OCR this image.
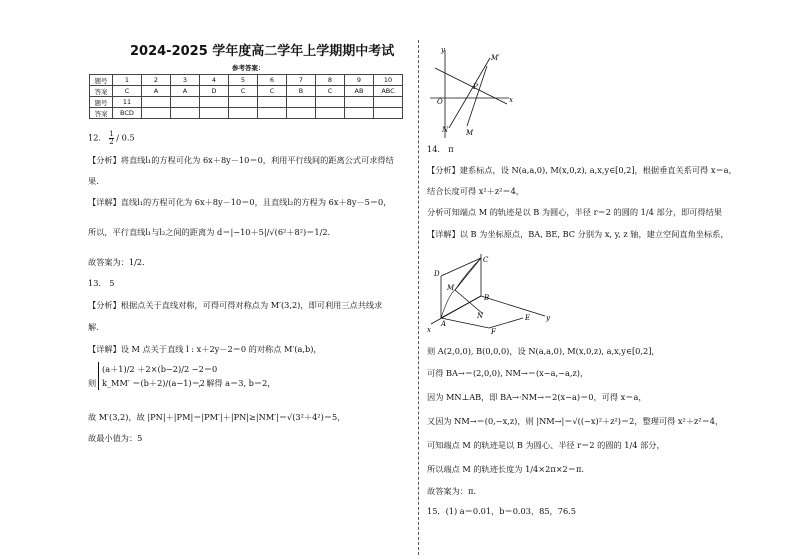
2024-2025 学年度高二学年上学期期中考试
参考答案：
题号	1	2	3	4	5	6	7	8	9	10
答案	C	A	A	D	C	C	B	C	AB	ABC
题号	11									
答案	BCD									
12． $\frac{1}{2} / 0.5$
【分析】将直线l₁的方程可化为 6x＋8y－10＝0，利用平行线间的距离公式可求得结
果.
【详解】直线l₁的方程可化为 6x＋8y－10＝0，且直线l₂的方程为 6x＋8y－5＝0，
所以，平行直线l₁与l₂之间的距离为 d＝|−10＋5|/√(6²＋8²)＝1/2．
故答案为：1/2．
13． 5
【分析】根据点关于直线对称，可得可得对称点为 M′(3,2)，即可利用三点共线求
解.
【详解】设 M 点关于直线 l : x＋2y－2＝0 的对称点 M′(a,b)，
则
(a＋1)/2 ＋2×(b−2)/2 −2＝0
k_MM′ ＝(b＋2)/(a−1)＝2
，解得 a＝3, b＝2，
故 M′(3,2)，故 |PN|＋|PM|＝|PM′|＋|PN|≥|NM′|＝√(3²＋4²)＝5，
故最小值为：5
y
x
O
M′
P
N	M
14． π
【分析】建系标点，设 N(a,a,0), M(x,0,z), a,x,y∈[0,2]，根据垂直关系可得 x＝a，
结合长度可得 x²＋z²＝4，
分析可知端点 M 的轨迹是以 B 为圆心，半径 r＝2 的圆的 1/4 部分，即可得结果
【详解】以 B 为坐标原点，BA, BE, BC 分别为 x, y, z 轴，建立空间直角坐标系，
C
D
M
B
N	E
A
F
x
y
则 A(2,0,0), B(0,0,0)，设 N(a,a,0), M(x,0,z), a,x,y∈[0,2]，
可得 BA→＝(2,0,0), NM→＝(x−a,−a,z)，
因为 MN⊥AB，即 BA→·NM→＝2(x−a)＝0，可得 x＝a，
又因为 NM→＝(0,−x,z)，则 |NM→|＝√((−x)²＋z²)＝2，整理可得 x²＋z²＝4，
可知端点 M 的轨迹是以 B 为圆心、半径 r＝2 的圆的 1/4 部分，
所以端点 M 的轨迹长度为 1/4×2π×2＝π.
故答案为：π.
15．(1) a＝0.01，b＝0.03，85，76.5
